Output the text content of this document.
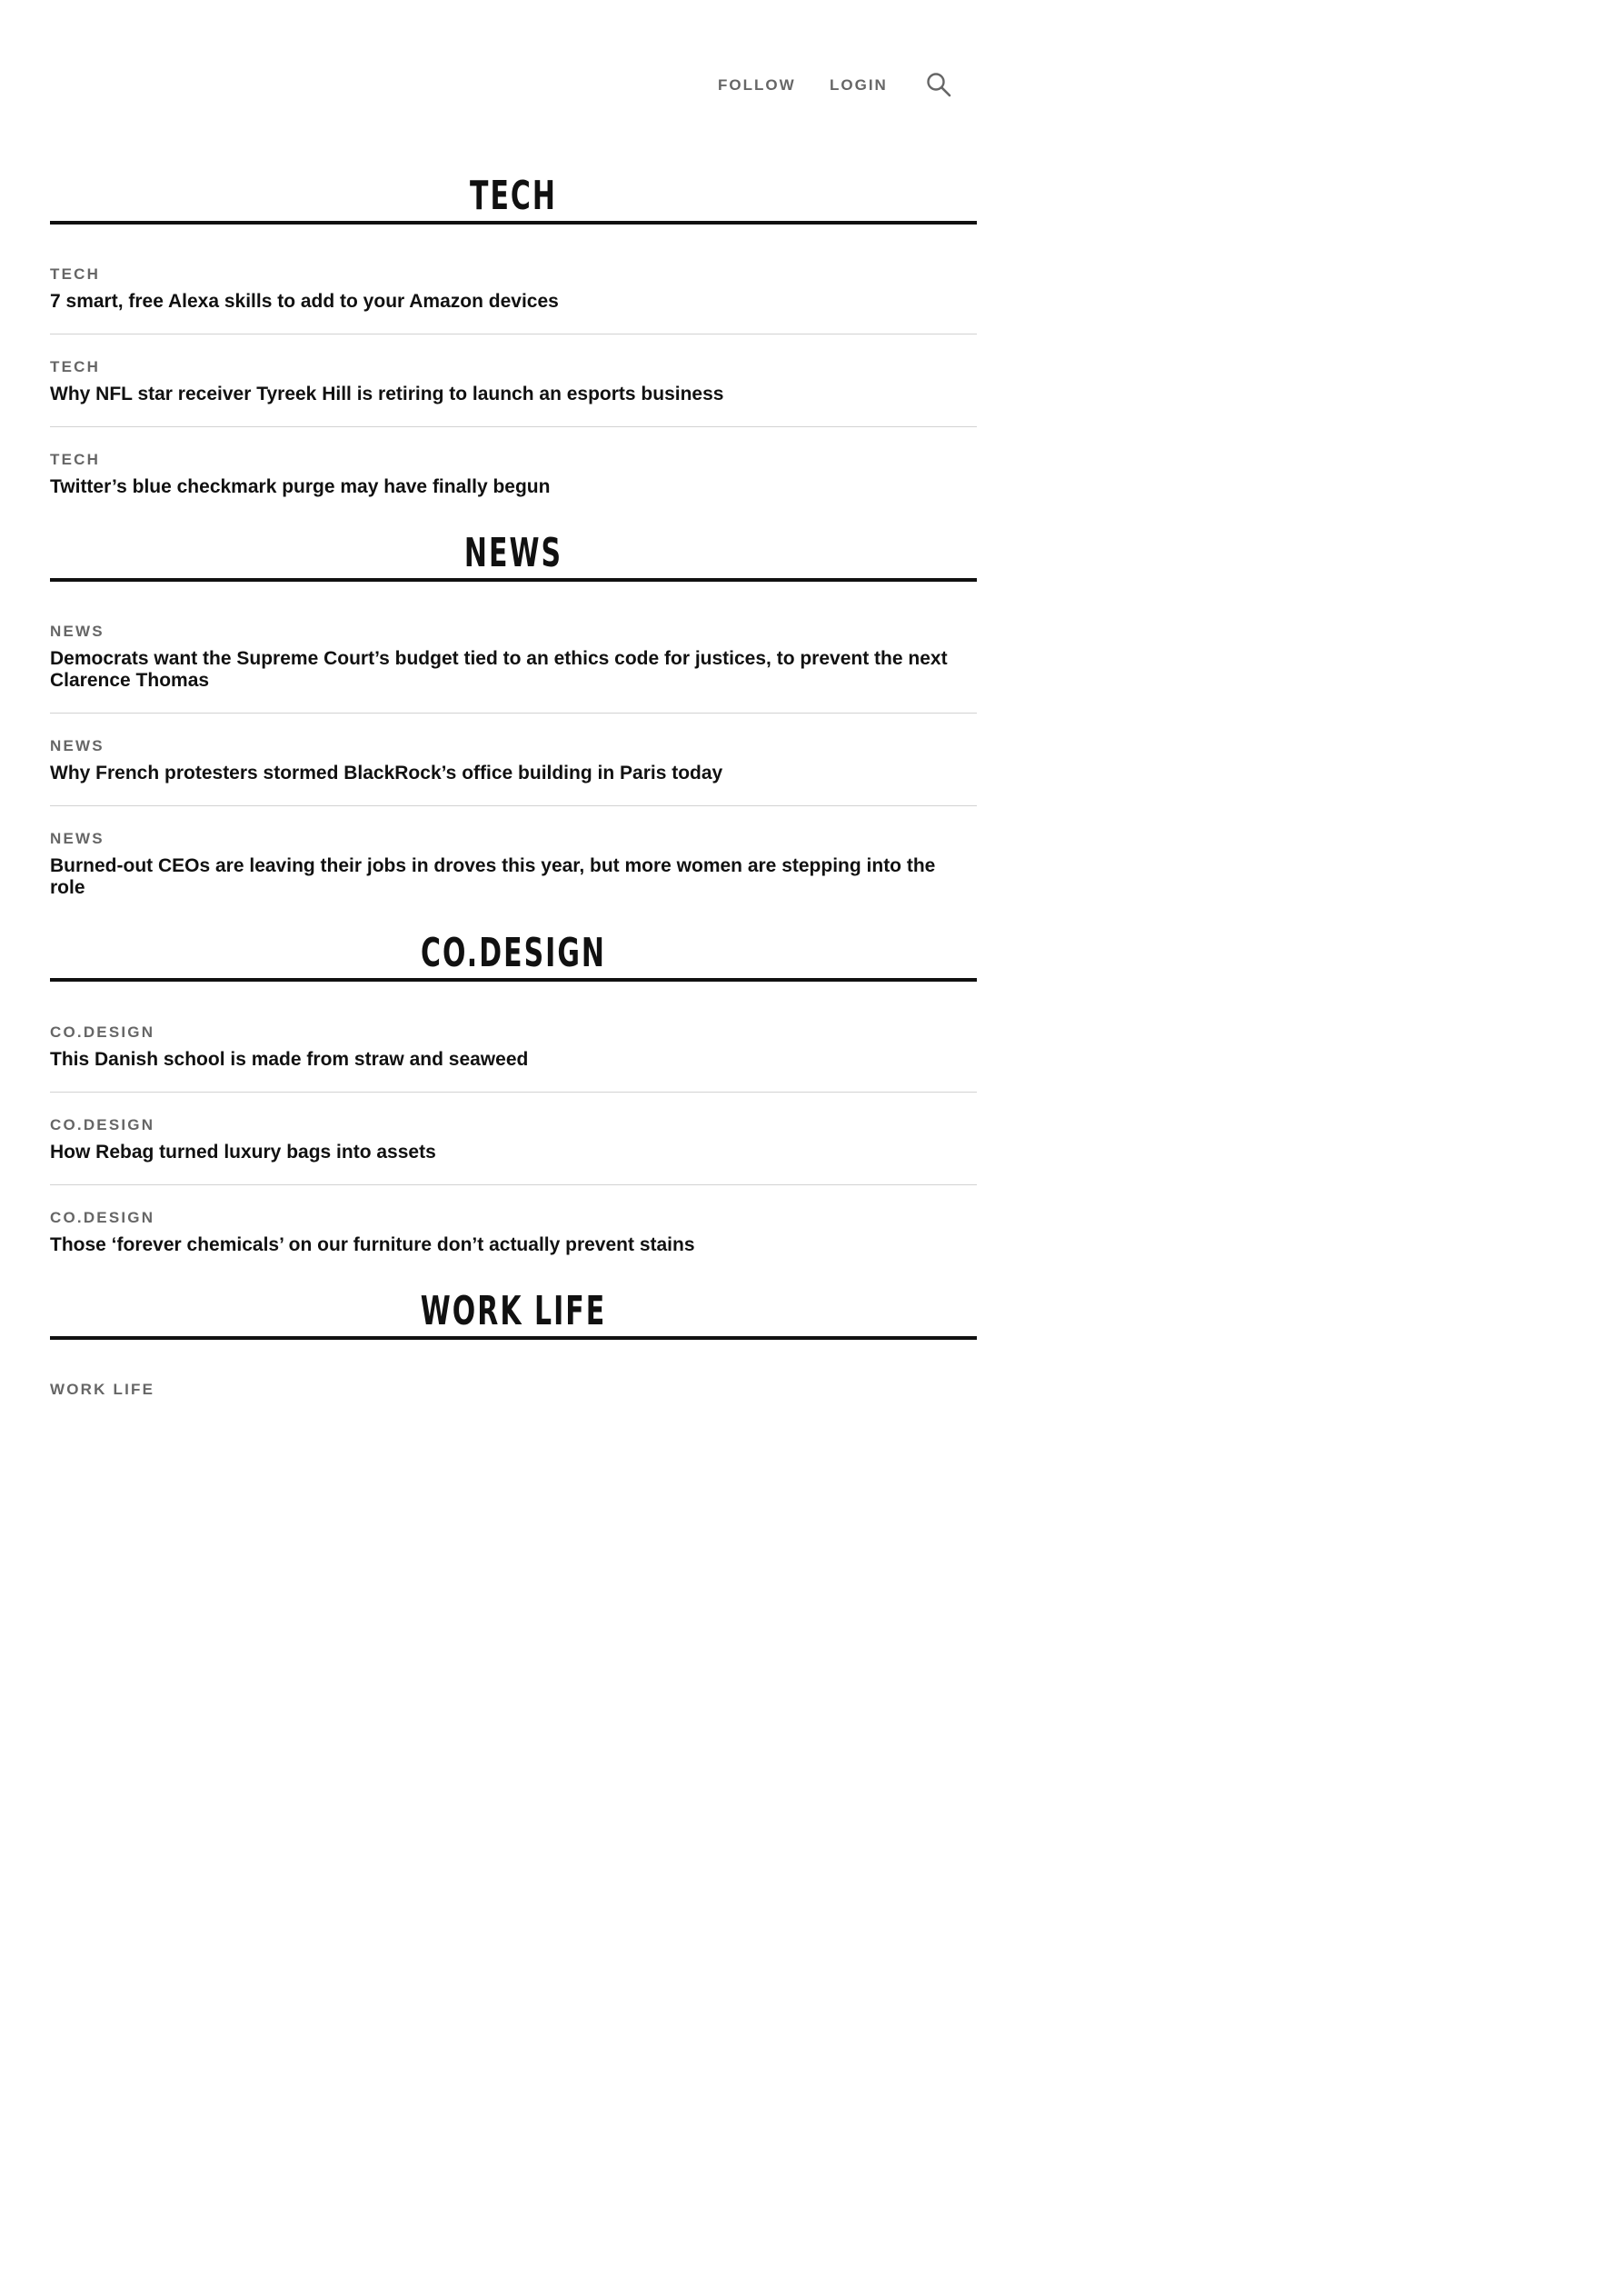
FOLLOW LOGIN
TECH
TECH
7 smart, free Alexa skills to add to your Amazon devices
TECH
Why NFL star receiver Tyreek Hill is retiring to launch an esports business
TECH
Twitter’s blue checkmark purge may have finally begun
NEWS
NEWS
Democrats want the Supreme Court’s budget tied to an ethics code for justices, to prevent the next Clarence Thomas
NEWS
Why French protesters stormed BlackRock’s office building in Paris today
NEWS
Burned-out CEOs are leaving their jobs in droves this year, but more women are stepping into the role
CO.DESIGN
CO.DESIGN
This Danish school is made from straw and seaweed
CO.DESIGN
How Rebag turned luxury bags into assets
CO.DESIGN
Those ‘forever chemicals’ on our furniture don’t actually prevent stains
WORK LIFE
WORK LIFE
